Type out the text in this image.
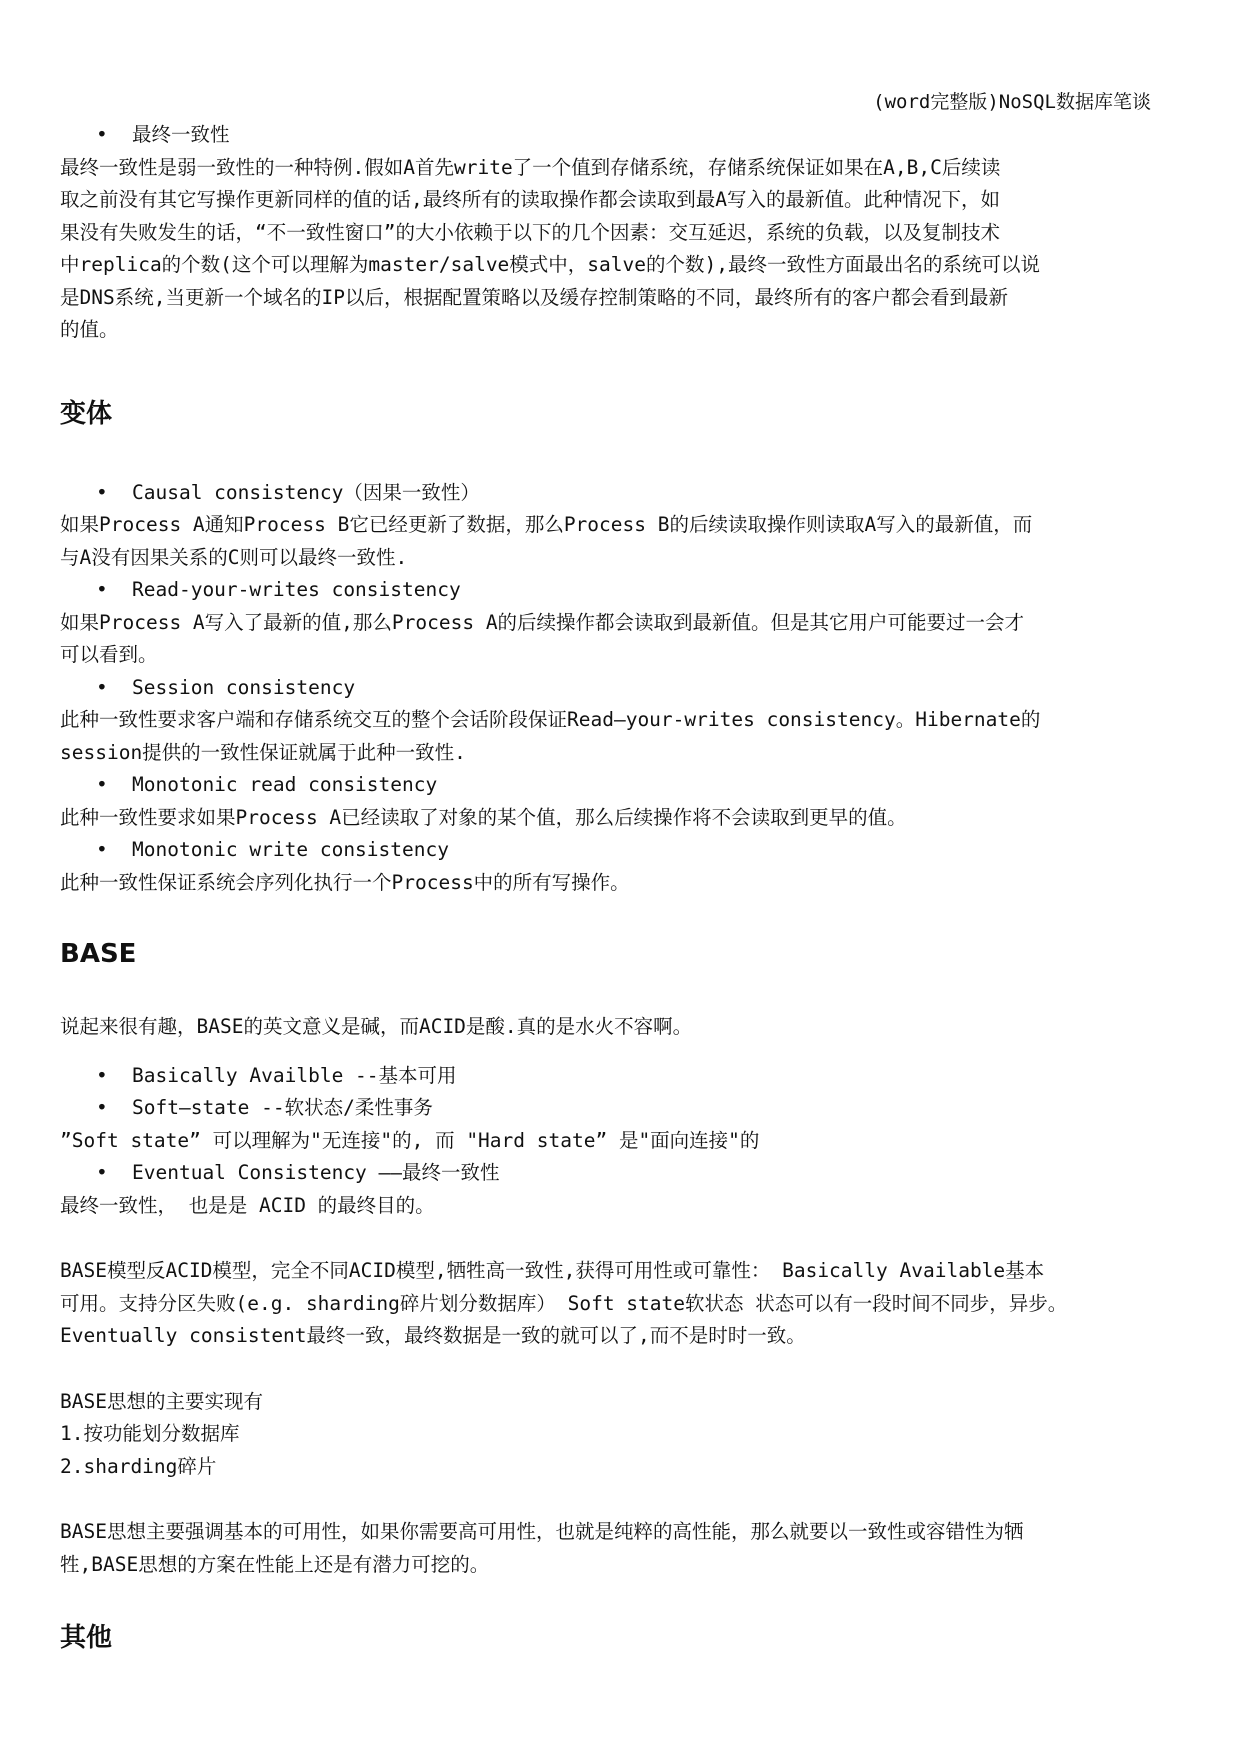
(word完整版)NoSQL数据库笔谈
•	最终一致性

最终一致性是弱一致性的一种特例.假如A首先write了一个值到存储系统，存储系统保证如果在A,B,C后续读
取之前没有其它写操作更新同样的值的话,最终所有的读取操作都会读取到最A写入的最新值。此种情况下，如
果没有失败发生的话，“不一致性窗口”的大小依赖于以下的几个因素：交互延迟，系统的负载，以及复制技术
中replica的个数(这个可以理解为master/salve模式中，salve的个数),最终一致性方面最出名的系统可以说
是DNS系统,当更新一个域名的IP以后，根据配置策略以及缓存控制策略的不同，最终所有的客户都会看到最新
的值。

变体
•	Causal consistency（因果一致性）

如果Process A通知Process B它已经更新了数据，那么Process B的后续读取操作则读取A写入的最新值，而
与A没有因果关系的C则可以最终一致性.

•	Read-your-writes consistency

如果Process A写入了最新的值,那么Process A的后续操作都会读取到最新值。但是其它用户可能要过一会才
可以看到。

•	Session consistency

此种一致性要求客户端和存储系统交互的整个会话阶段保证Read—your-writes consistency。Hibernate的
session提供的一致性保证就属于此种一致性.

•	Monotonic read consistency

此种一致性要求如果Process A已经读取了对象的某个值，那么后续操作将不会读取到更早的值。

•	Monotonic write consistency

此种一致性保证系统会序列化执行一个Process中的所有写操作。

BASE

说起来很有趣，BASE的英文意义是碱，而ACID是酸.真的是水火不容啊。

•	Basically Availble --基本可用
•	Soft—state --软状态/柔性事务

”Soft state” 可以理解为"无连接"的, 而 "Hard state” 是"面向连接"的

•	Eventual Consistency ——最终一致性

最终一致性， 也是是 ACID 的最终目的。

BASE模型反ACID模型，完全不同ACID模型,牺牲高一致性,获得可用性或可靠性： Basically Available基本
可用。支持分区失败(e.g. sharding碎片划分数据库） Soft state软状态 状态可以有一段时间不同步，异步。
Eventually consistent最终一致，最终数据是一致的就可以了,而不是时时一致。

BASE思想的主要实现有
1.按功能划分数据库
2.sharding碎片

BASE思想主要强调基本的可用性，如果你需要高可用性，也就是纯粹的高性能，那么就要以一致性或容错性为牺
牲,BASE思想的方案在性能上还是有潜力可挖的。

其他
